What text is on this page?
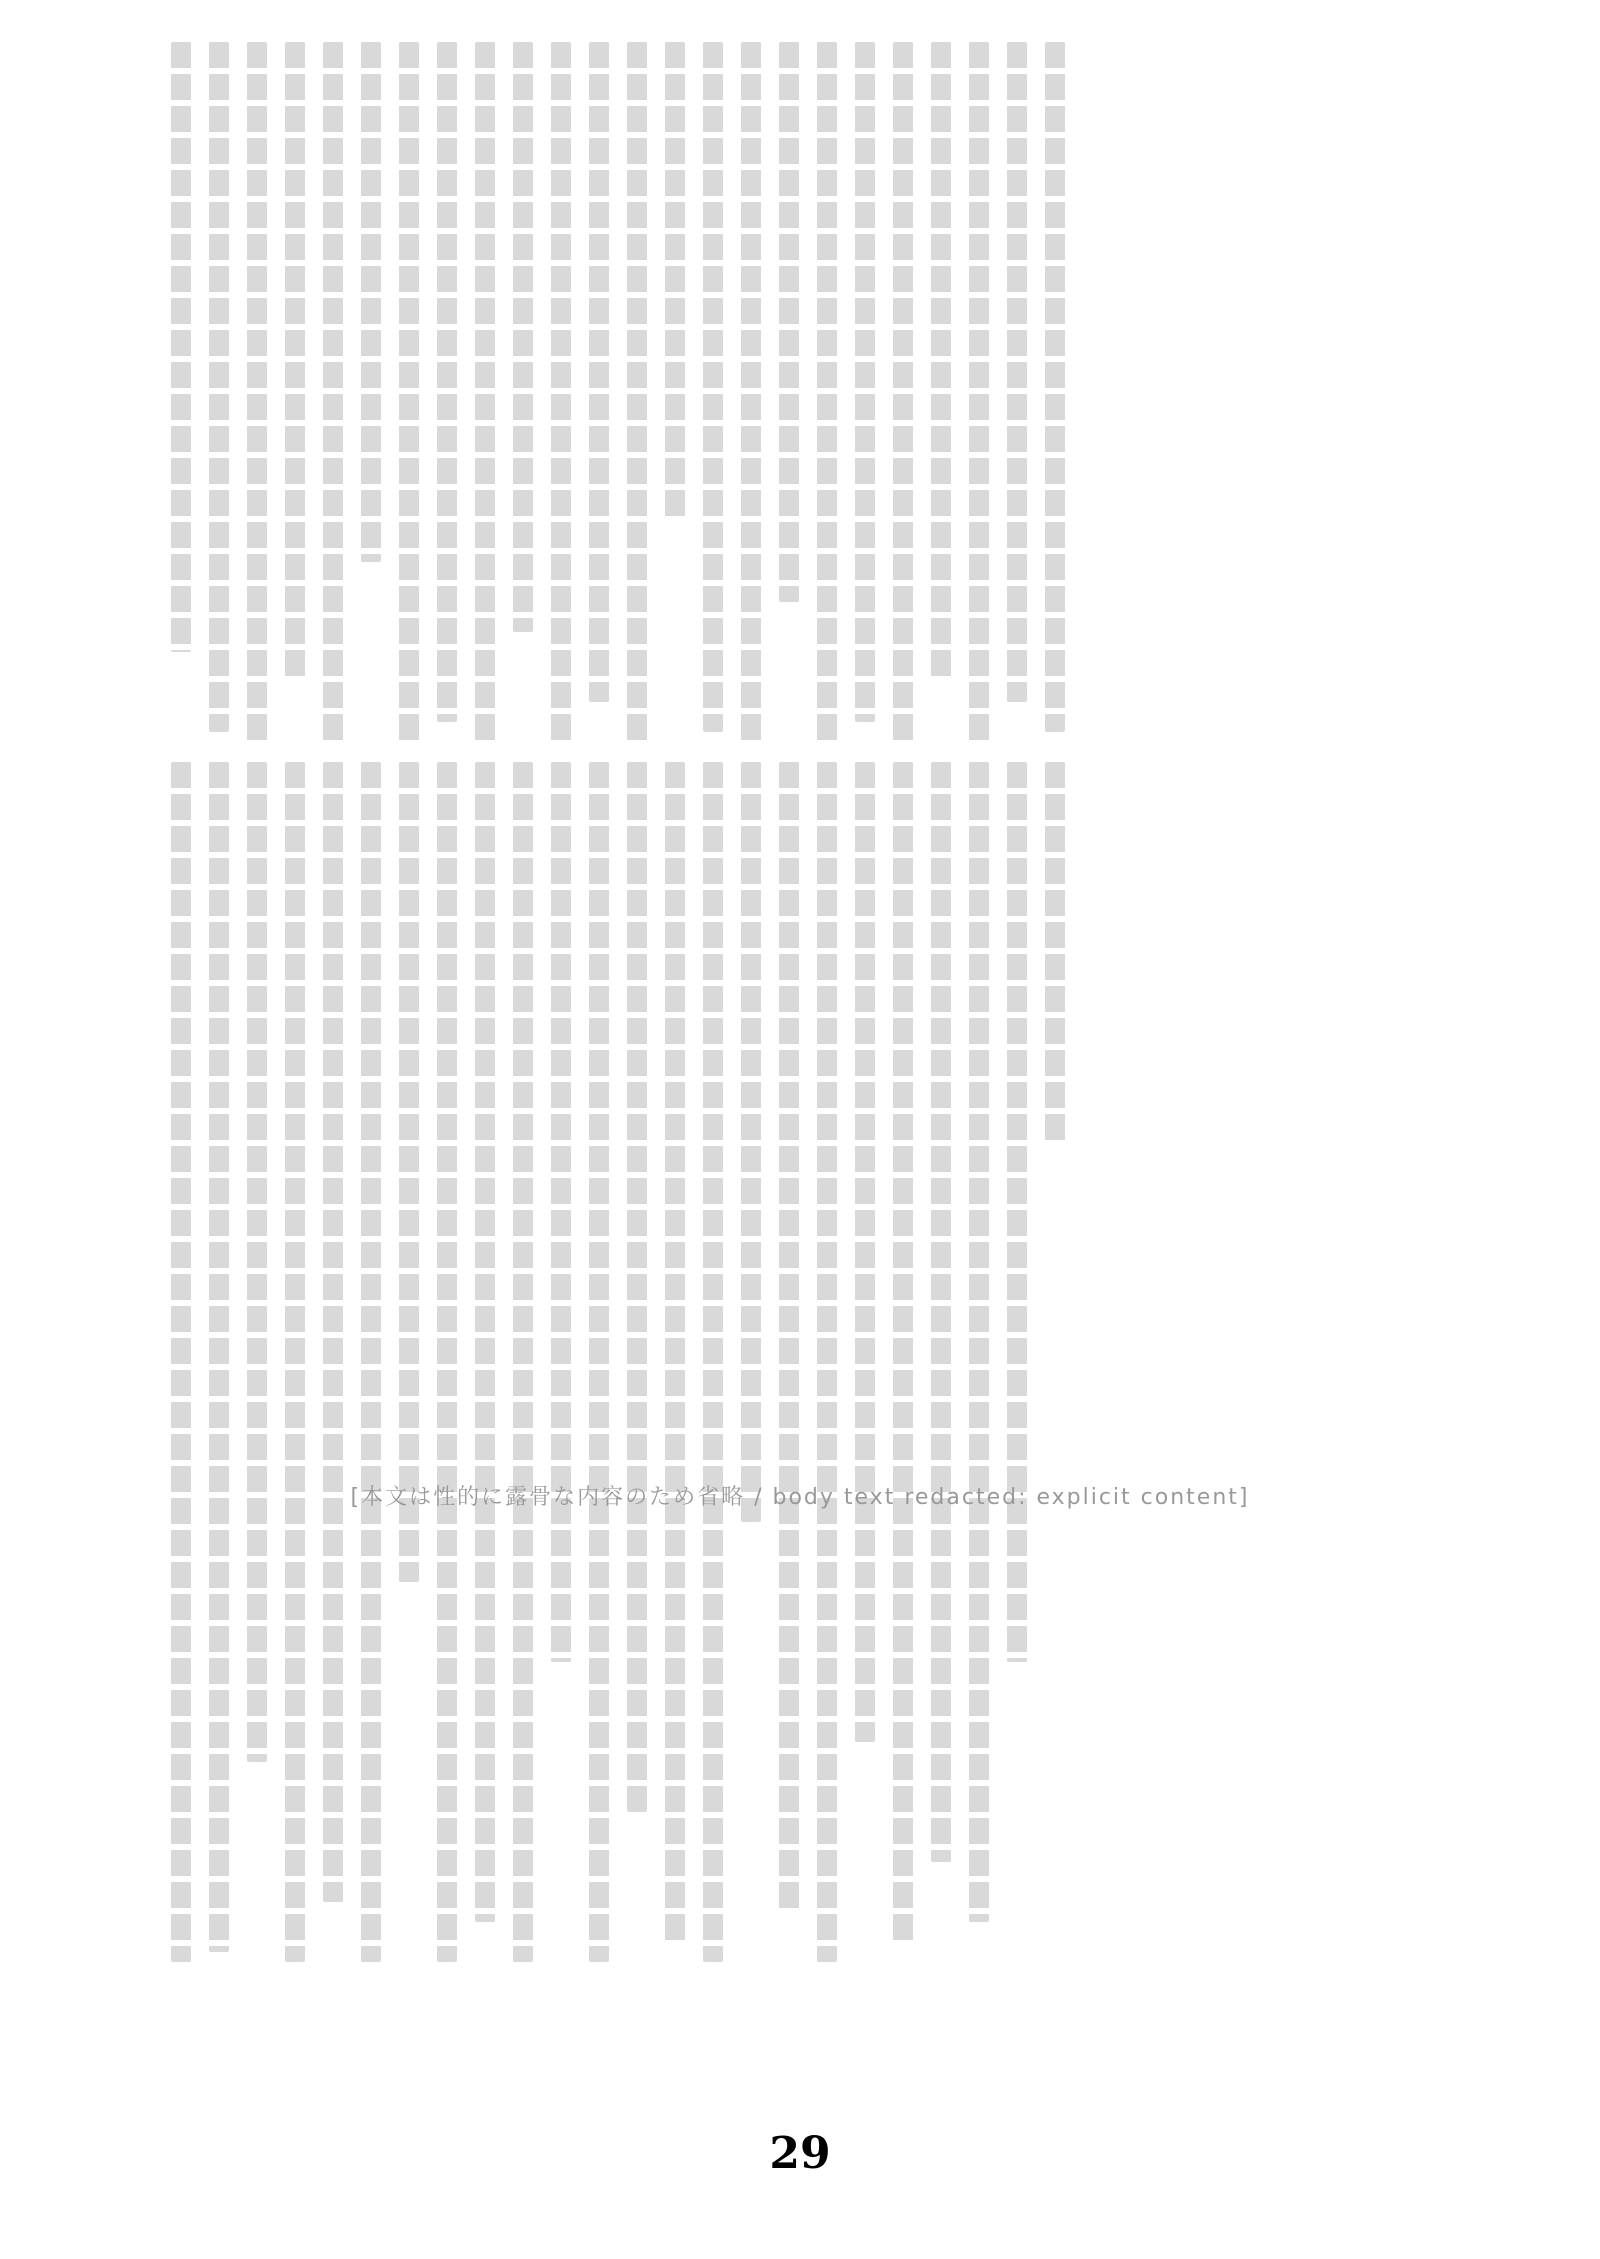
[本文は性的に露骨な内容のため省略 / body text redacted: explicit content]
29
